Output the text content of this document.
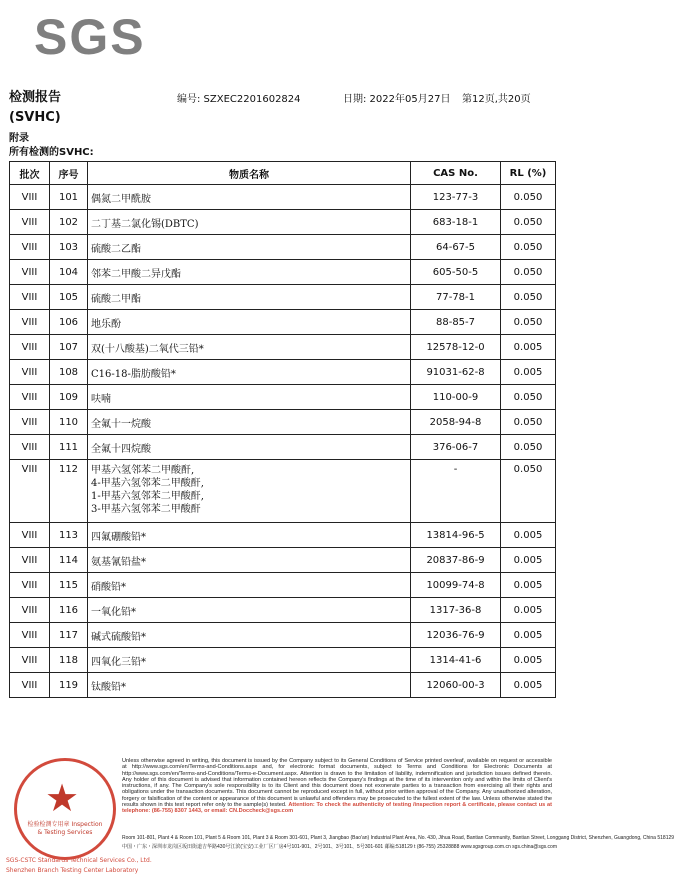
SGS
检测报告
(SVHC)
编号: SZXEC2201602824	日期: 2022年05月27日 第12页,共20页
附录
所有检测的SVHC:
批次	序号	物质名称	CAS No.	RL (%)
VIII	101	偶氮二甲酰胺	123-77-3	0.050
VIII	102	二丁基二氯化锡(DBTC)	683-18-1	0.050
VIII	103	硫酸二乙酯	64-67-5	0.050
VIII	104	邻苯二甲酸二异戊酯	605-50-5	0.050
VIII	105	硫酸二甲酯	77-78-1	0.050
VIII	106	地乐酚	88-85-7	0.050
VIII	107	双(十八酸基)二氧代三铅*	12578-12-0	0.005
VIII	108	C16-18-脂肪酸铅*	91031-62-8	0.005
VIII	109	呋喃	110-00-9	0.050
VIII	110	全氟十一烷酸	2058-94-8	0.050
VIII	111	全氟十四烷酸	376-06-7	0.050
VIII	112	甲基六氢邻苯二甲酸酐,
4-甲基六氢邻苯二甲酸酐,
1-甲基六氢邻苯二甲酸酐,
3-甲基六氢邻苯二甲酸酐	-	0.050
VIII	113	四氟硼酸铅*	13814-96-5	0.005
VIII	114	氨基氰铅盐*	20837-86-9	0.005
VIII	115	硝酸铅*	10099-74-8	0.005
VIII	116	一氧化铅*	1317-36-8	0.005
VIII	117	碱式硫酸铅*	12036-76-9	0.005
VIII	118	四氧化三铅*	1314-41-6	0.005
VIII	119	钛酸铅*	12060-00-3	0.005
★
检验检测专用章 Inspection & Testing Services
SGS-CSTC Standards Technical Services Co., Ltd.
Shenzhen Branch Testing Center Laboratory
Unless otherwise agreed in writing, this document is issued by the Company subject to its General Conditions of Service printed overleaf, available on request or accessible at http://www.sgs.com/en/Terms-and-Conditions.aspx and, for electronic format documents, subject to Terms and Conditions for Electronic Documents at http://www.sgs.com/en/Terms-and-Conditions/Terms-e-Document.aspx. Attention is drawn to the limitation of liability, indemnification and jurisdiction issues defined therein. Any holder of this document is advised that information contained hereon reflects the Company's findings at the time of its intervention only and within the limits of Client's instructions, if any. The Company's sole responsibility is to its Client and this document does not exonerate parties to a transaction from exercising all their rights and obligations under the transaction documents. This document cannot be reproduced except in full, without prior written approval of the Company. Any unauthorized alteration, forgery or falsification of the content or appearance of this document is unlawful and offenders may be prosecuted to the fullest extent of the law. Unless otherwise stated the results shown in this test report refer only to the sample(s) tested. Attention: To check the authenticity of testing /inspection report & certificate, please contact us at telephone: (86-755) 8307 1443, or email: CN.Doccheck@sgs.com
Room 101-801, Plant 4 & Room 101, Plant 5 & Room 101, Plant 3 & Room 301-601, Plant 3, Jiangbao (Bao'an) Industrial Plant Area, No. 430, Jihua Road, Bantian Community, Bantian Street, Longgang District, Shenzhen, Guangdong, China 518129
中国・广东・深圳市龙岗区坂田街道吉华路430号江滨(宝安)工业厂区厂房4号101-901、2号101、3号101、5号301-601 邮编:518129 t (86-755) 25328888 www.sgsgroup.com.cn sgs.china@sgs.com
